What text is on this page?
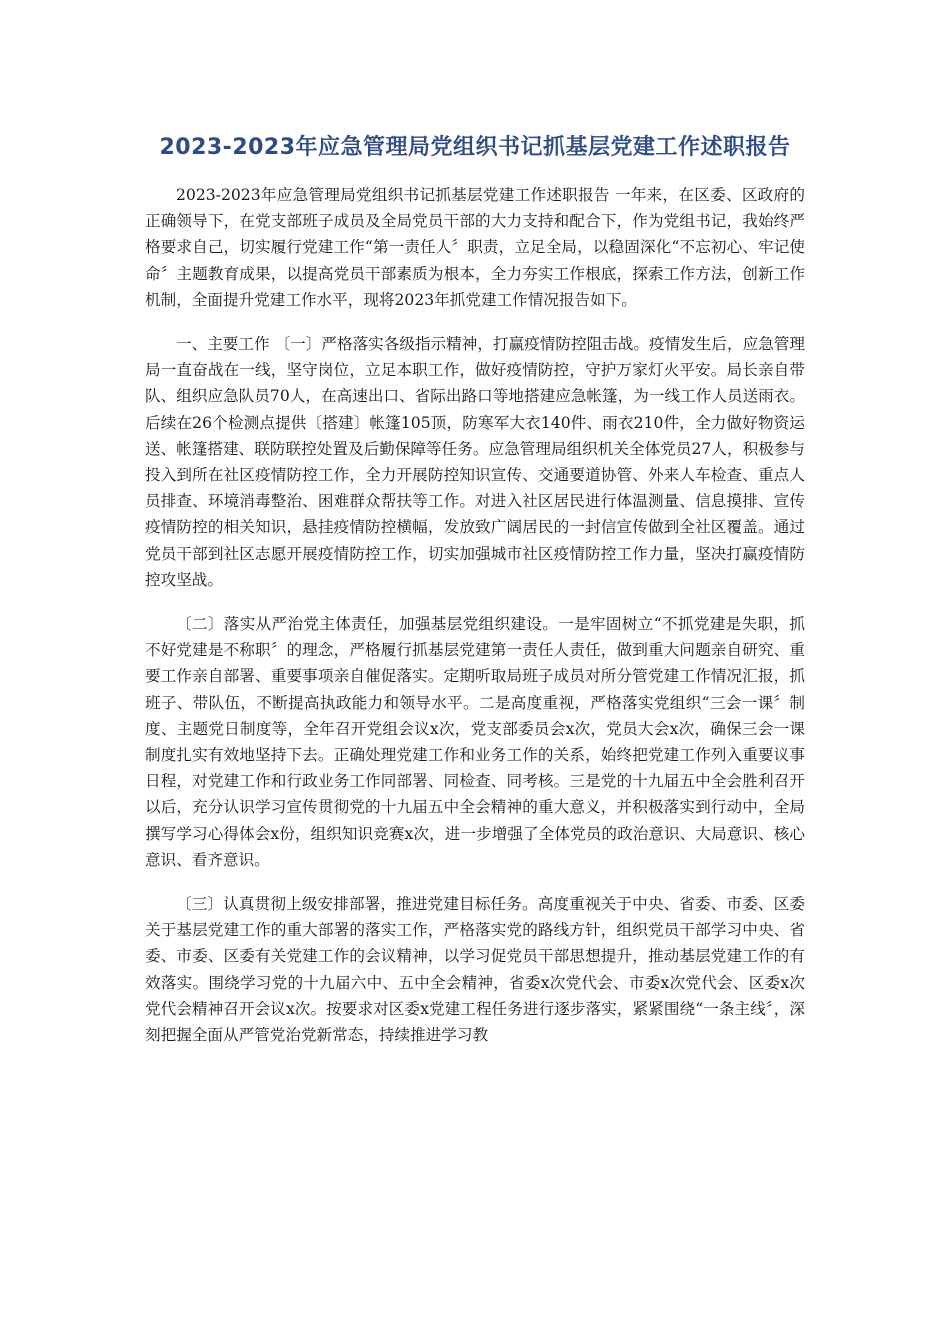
2023-2023年应急管理局党组织书记抓基层党建工作述职报告

2023-2023年应急管理局党组织书记抓基层党建工作述职报告 一年来，在区委、区政府的正确领导下，在党支部班子成员及全局党员干部的大力支持和配合下，作为党组书记，我始终严格要求自己，切实履行党建工作“第一责任人〞职责，立足全局，以稳固深化“不忘初心、牢记使命〞主题教育成果，以提高党员干部素质为根本，全力夯实工作根底，探索工作方法，创新工作机制，全面提升党建工作水平，现将2023年抓党建工作情况报告如下。

一、主要工作 〔一〕严格落实各级指示精神，打赢疫情防控阻击战。疫情发生后，应急管理局一直奋战在一线，坚守岗位，立足本职工作，做好疫情防控，守护万家灯火平安。局长亲自带队、组织应急队员70人，在高速出口、省际出路口等地搭建应急帐篷，为一线工作人员送雨衣。后续在26个检测点提供〔搭建〕帐篷105顶，防寒军大衣140件、雨衣210件，全力做好物资运送、帐篷搭建、联防联控处置及后勤保障等任务。应急管理局组织机关全体党员27人，积极参与投入到所在社区疫情防控工作，全力开展防控知识宣传、交通要道协管、外来人车检查、重点人员排查、环境消毒整治、困难群众帮扶等工作。对进入社区居民进行体温测量、信息摸排、宣传疫情防控的相关知识，悬挂疫情防控横幅，发放致广阔居民的一封信宣传做到全社区覆盖。通过党员干部到社区志愿开展疫情防控工作，切实加强城市社区疫情防控工作力量，坚决打赢疫情防控攻坚战。

〔二〕落实从严治党主体责任，加强基层党组织建设。一是牢固树立“不抓党建是失职，抓不好党建是不称职〞的理念，严格履行抓基层党建第一责任人责任，做到重大问题亲自研究、重要工作亲自部署、重要事项亲自催促落实。定期听取局班子成员对所分管党建工作情况汇报，抓班子、带队伍，不断提高执政能力和领导水平。二是高度重视，严格落实党组织“三会一课〞制度、主题党日制度等，全年召开党组会议x次，党支部委员会x次，党员大会x次，确保三会一课制度扎实有效地坚持下去。正确处理党建工作和业务工作的关系，始终把党建工作列入重要议事日程，对党建工作和行政业务工作同部署、同检查、同考核。三是党的十九届五中全会胜利召开以后，充分认识学习宣传贯彻党的十九届五中全会精神的重大意义，并积极落实到行动中，全局撰写学习心得体会x份，组织知识竞赛x次，进一步增强了全体党员的政治意识、大局意识、核心意识、看齐意识。

〔三〕认真贯彻上级安排部署，推进党建目标任务。高度重视关于中央、省委、市委、区委关于基层党建工作的重大部署的落实工作，严格落实党的路线方针，组织党员干部学习中央、省委、市委、区委有关党建工作的会议精神，以学习促党员干部思想提升，推动基层党建工作的有效落实。围绕学习党的十九届六中、五中全会精神，省委x次党代会、市委x次党代会、区委x次党代会精神召开会议x次。按要求对区委x党建工程任务进行逐步落实，紧紧围绕“一条主线〞，深刻把握全面从严管党治党新常态，持续推进学习教
